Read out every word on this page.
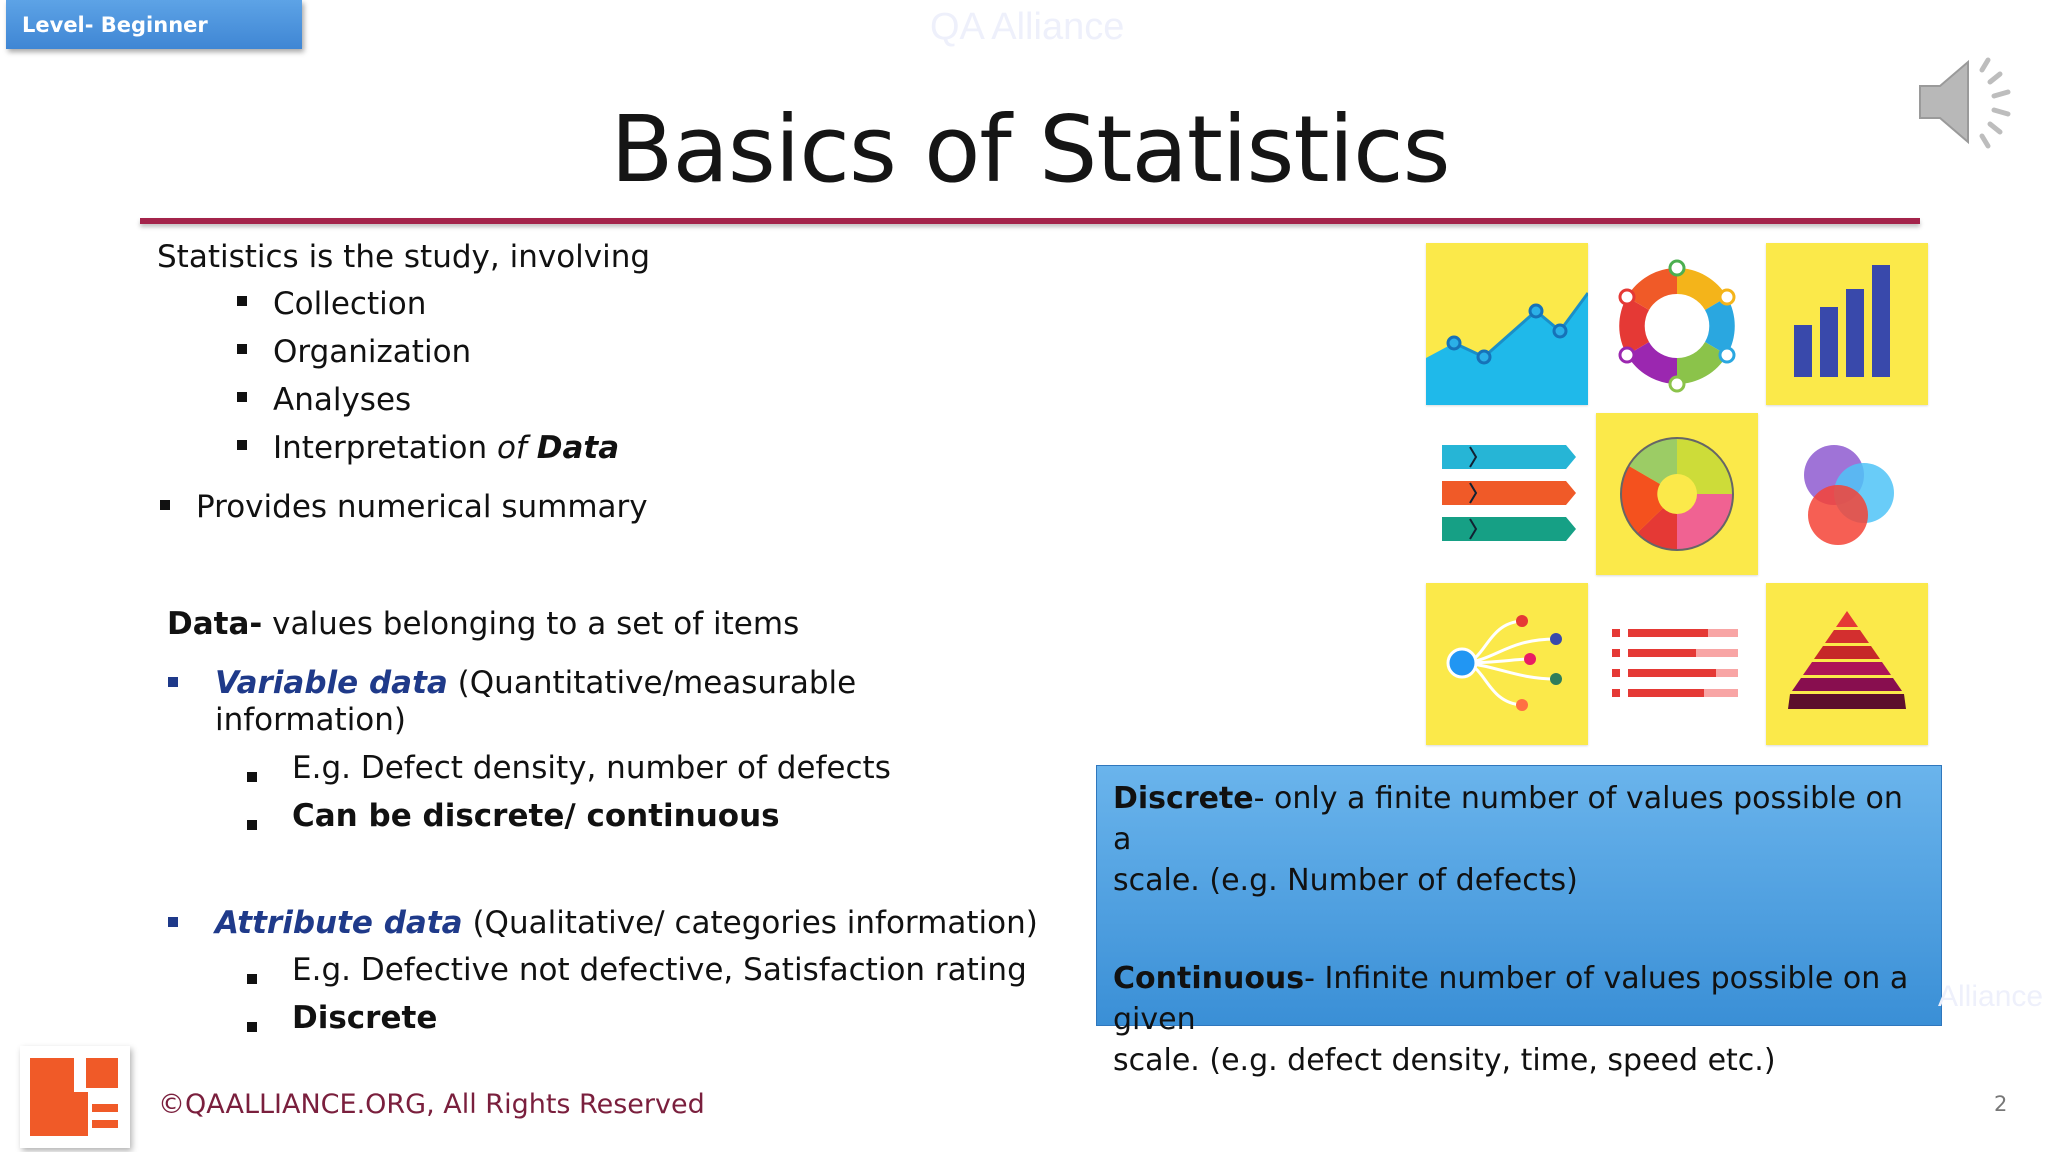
Level- Beginner	QA Alliance
Basics of Statistics
Statistics is the study, involving
Collection
Organization
Analyses
Interpretation of Data
Provides numerical summary
Data- values belonging to a set of items
Variable data (Quantitative/measurable
information)
E.g. Defect density, number of defects
Can be discrete/ continuous
Attribute data (Qualitative/ categories information)
E.g. Defective not defective, Satisfaction rating
Discrete

Discrete- only a finite number of values possible on a

scale. (e.g. Number of defects)

Continuous- Infinite number of values possible on a given

scale. (e.g. defect density, time, speed etc.)

Alliance
©QAALLIANCE.ORG, All Rights Reserved	2
